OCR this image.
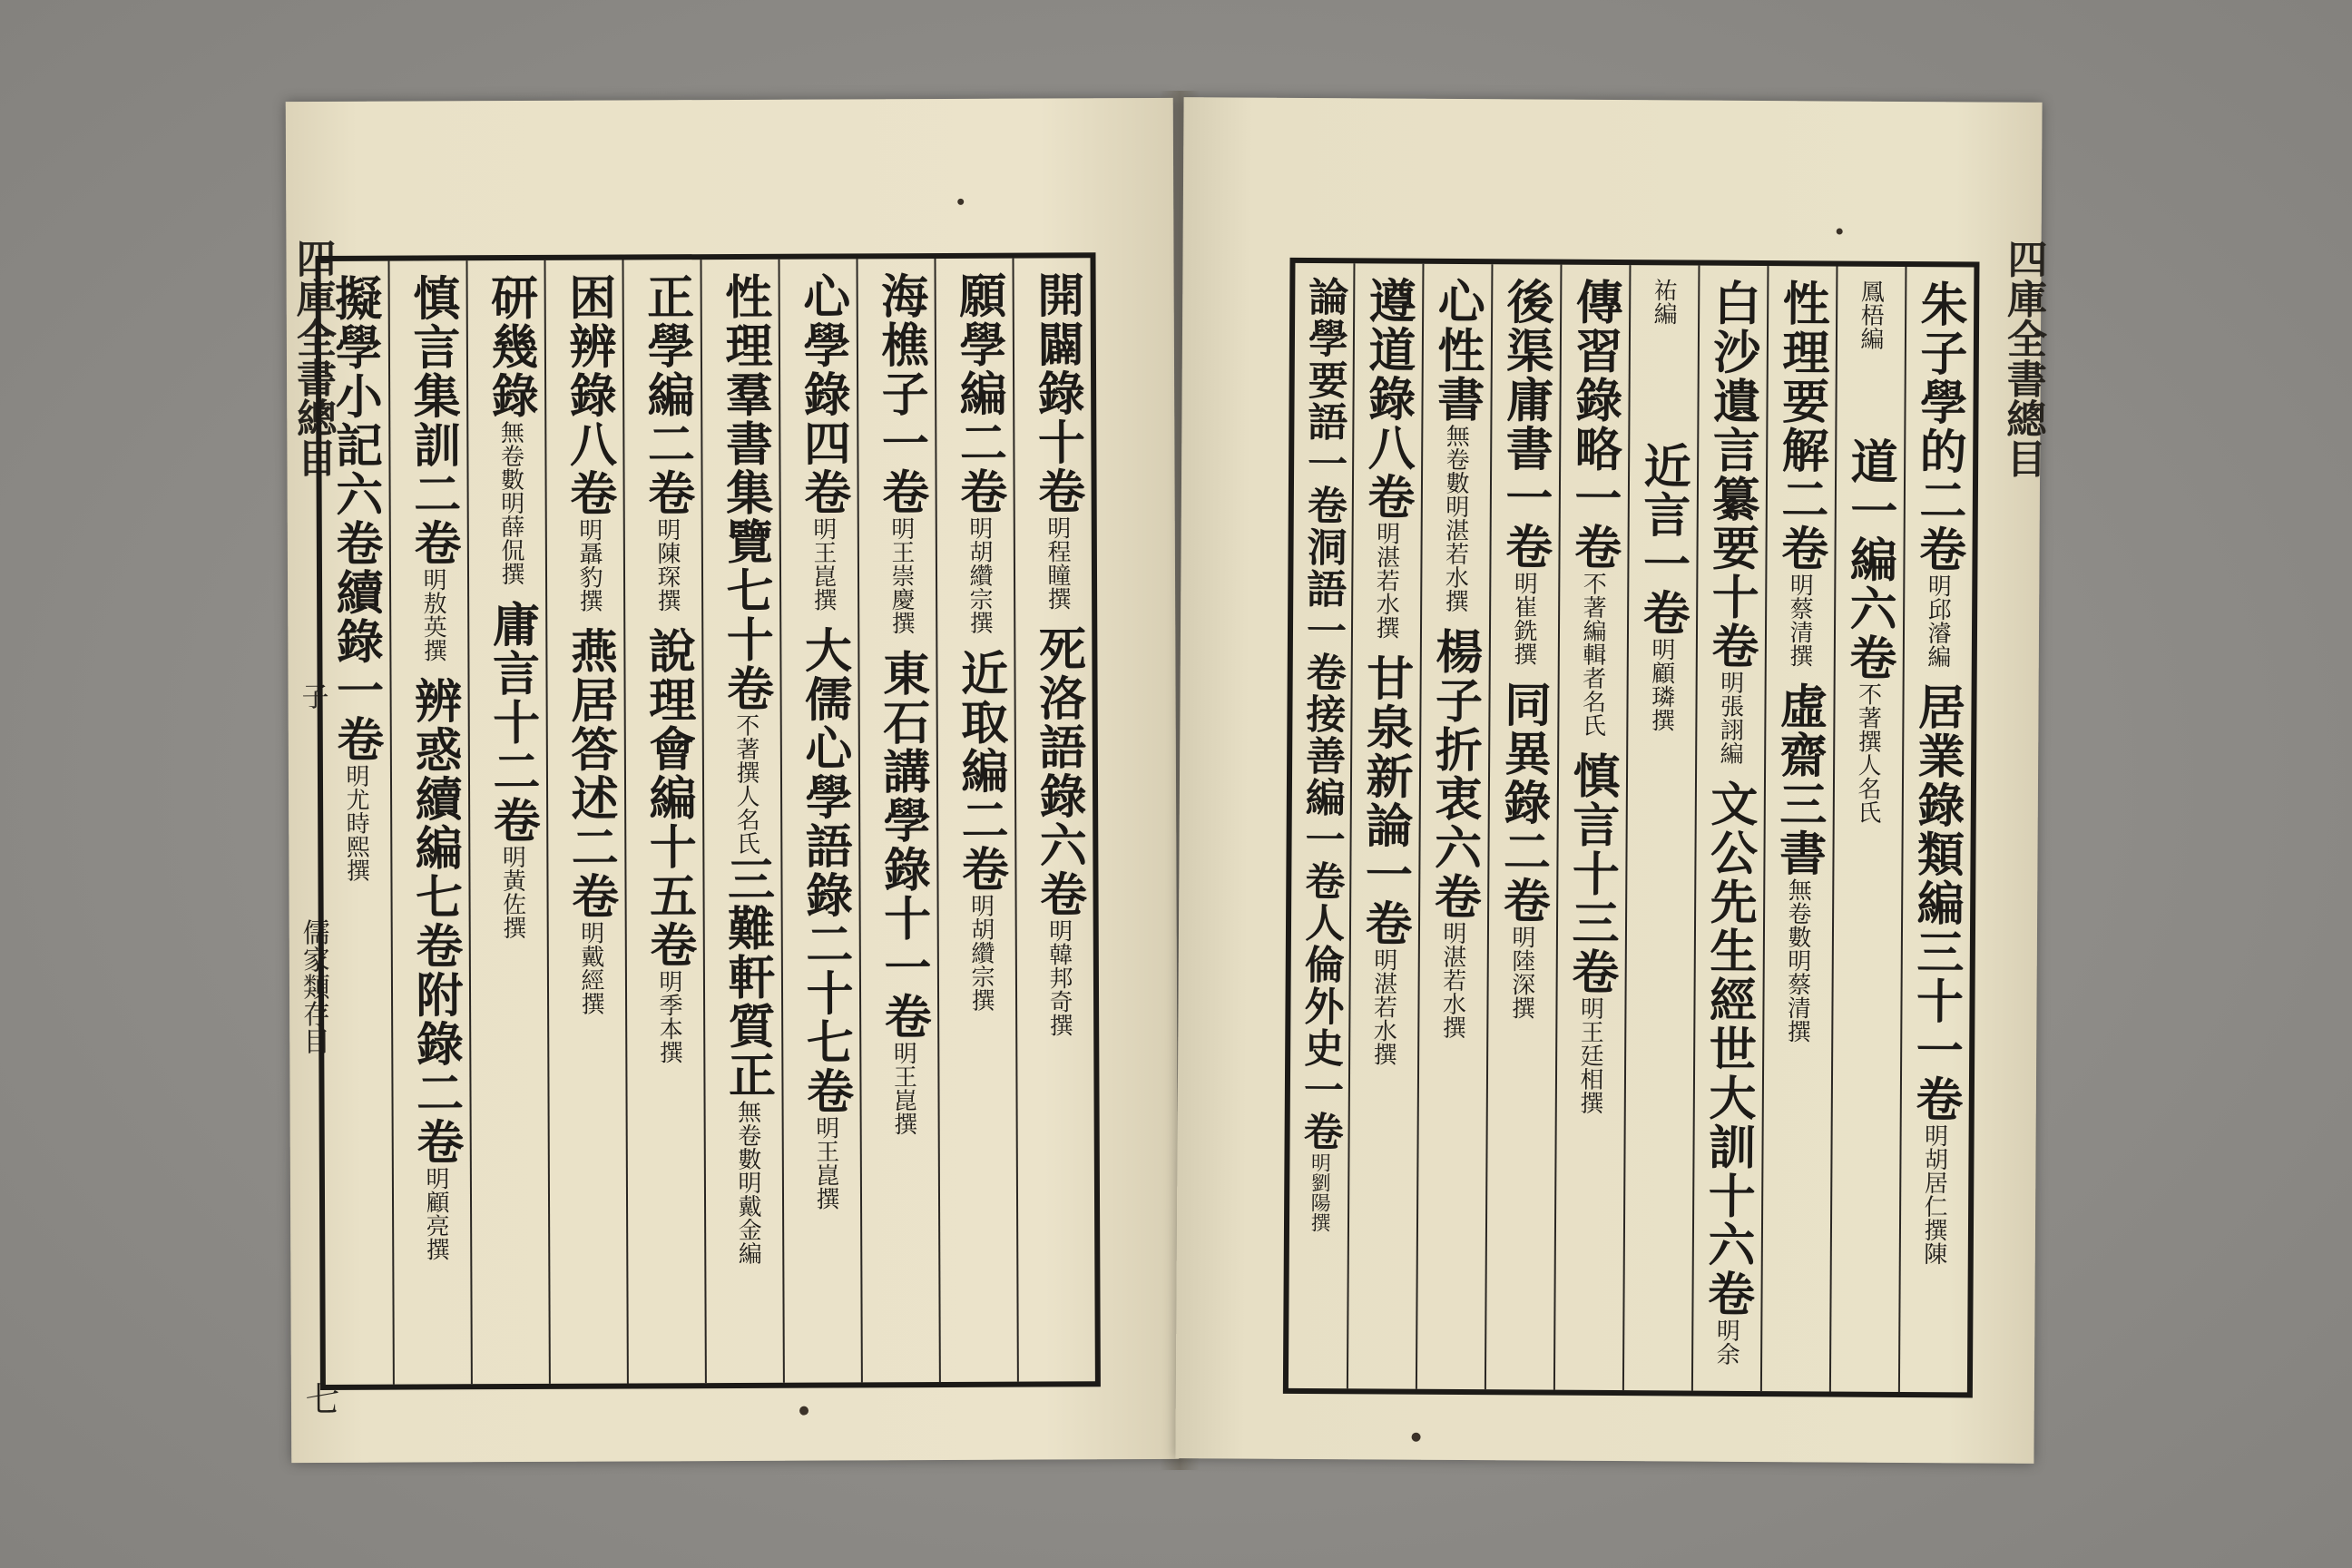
四庫全書總目
子
儒家類存目
七
開闢錄十卷明程瞳撰　死洛語錄六卷明韓邦奇撰
願學編二卷明胡纘宗撰　近取編二卷明胡纘宗撰
海樵子一卷明王崇慶撰　東石講學錄十一卷明王崑撰
心學錄四卷明王崑撰　大儒心學語錄二十七卷明王崑撰
性理羣書集覽七十卷不著撰人名氏三難軒質正無卷數明戴金編
正學編二卷明陳琛撰　說理會編十五卷明季本撰
困辨錄八卷明聶豹撰　燕居答述二卷明戴經撰
研幾錄無卷數明薛侃撰　庸言十二卷明黃佐撰
慎言集訓二卷明敖英撰　辨惑續編七卷附錄二卷明顧亮撰
擬學小記六卷續錄一卷明尤時熙撰
四庫全書總目
朱子學的二卷明邱濬編　居業錄類編三十一卷明胡居仁撰陳
鳳梧編　　　　　　道一編六卷不著撰人名氏
性理要解二卷明蔡清撰　虛齋三書無卷數明蔡清撰
白沙遺言纂要十卷明張詡編　文公先生經世大訓十六卷明余
祐編　　　　　　　　近言一卷明顧璘撰
傳習錄略一卷不著編輯者名氏　慎言十三卷明王廷相撰
後渠庸書一卷明崔銑撰　同異錄二卷明陸深撰
心性書無卷數明湛若水撰　楊子折衷六卷明湛若水撰
遵道錄八卷明湛若水撰　甘泉新論一卷明湛若水撰
論學要語一卷洞語一卷接善編一卷人倫外史一卷明劉陽撰
